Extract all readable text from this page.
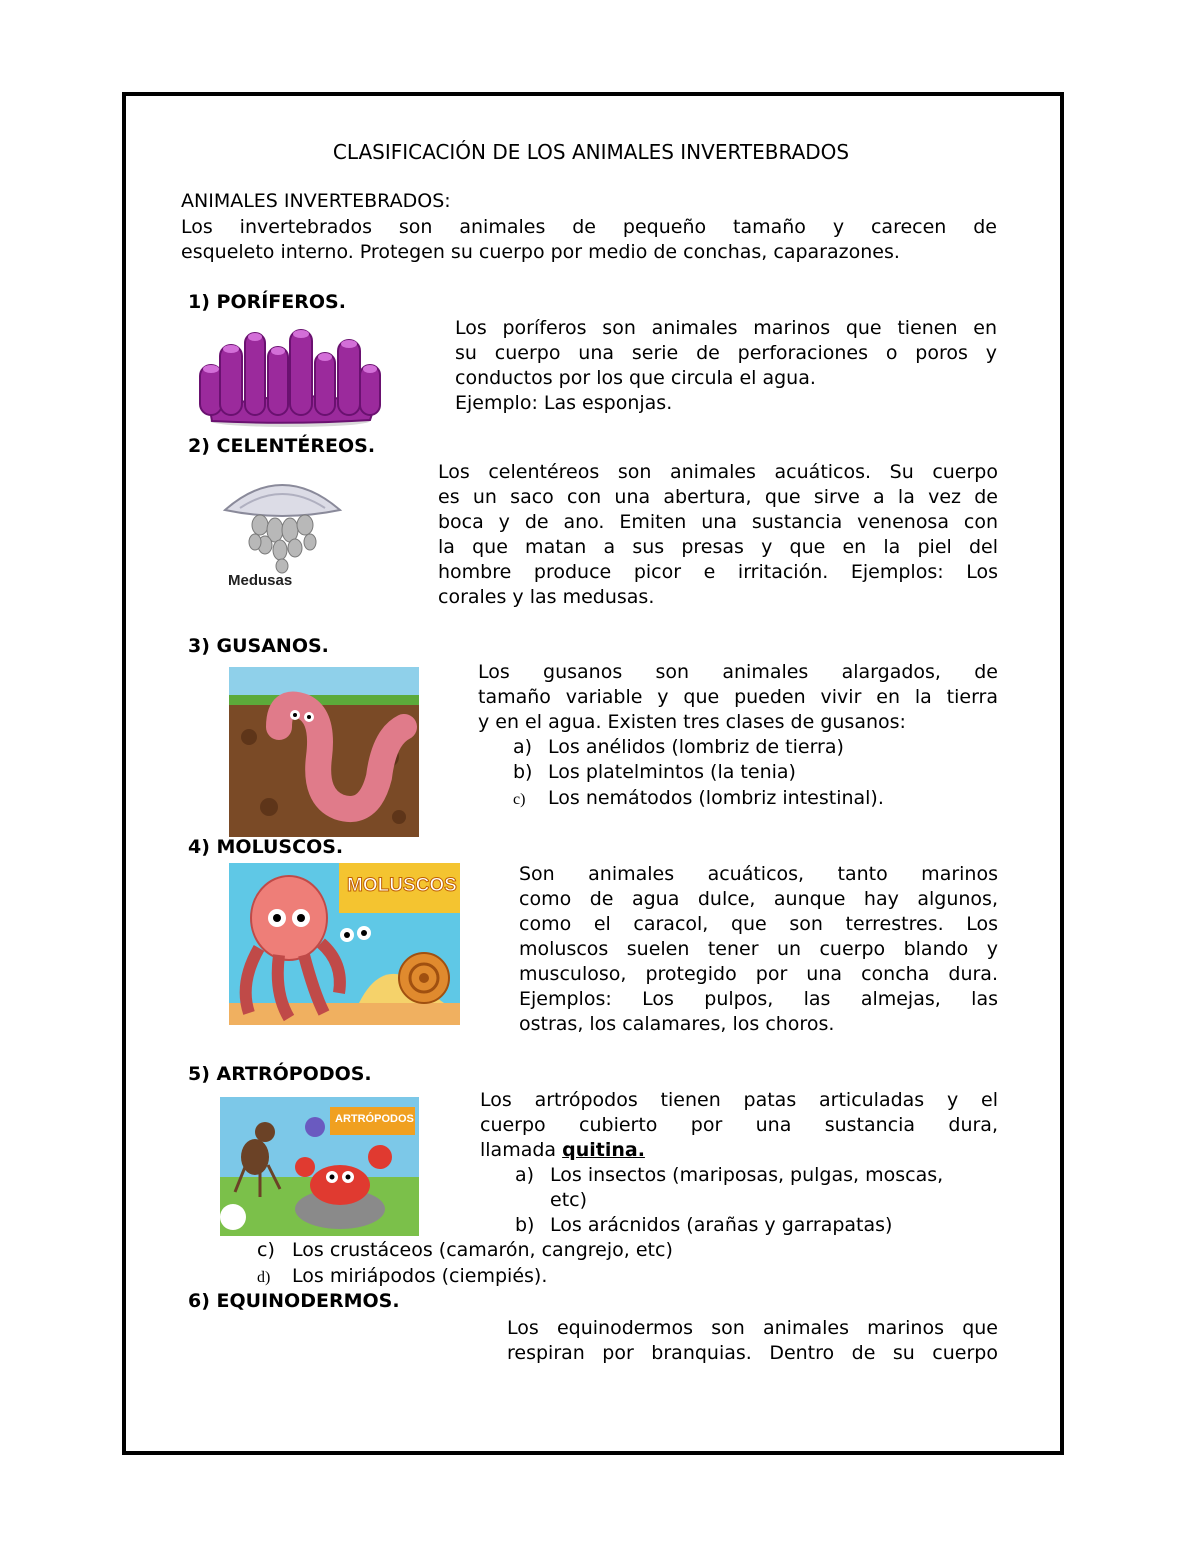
CLASIFICACIÓN DE LOS ANIMALES INVERTEBRADOS
ANIMALES INVERTEBRADOS:
Los invertebrados son animales de pequeño tamaño y carecen de
esqueleto interno. Protegen su cuerpo por medio de conchas, caparazones.
1) PORÍFEROS.
Los poríferos son animales marinos que tienen en
su cuerpo una serie de perforaciones o poros y
conductos por los que circula el agua.
Ejemplo: Las esponjas.
2) CELENTÉREOS.
Medusas
Los celentéreos son animales acuáticos. Su cuerpo
es un saco con una abertura, que sirve a la vez de
boca y de ano. Emiten una sustancia venenosa con
la que matan a sus presas y que en la piel del
hombre produce picor e irritación. Ejemplos: Los
corales y las medusas.
3) GUSANOS.
Los gusanos son animales alargados, de
tamaño variable y que pueden vivir en la tierra
y en el agua. Existen tres clases de gusanos:
a) Los anélidos (lombriz de tierra)
b) Los platelmintos (la tenia)
c) Los nemátodos (lombriz intestinal).
4) MOLUSCOS.
MOLUSCOS
Son animales acuáticos, tanto marinos
como de agua dulce, aunque hay algunos,
como el caracol, que son terrestres. Los
moluscos suelen tener un cuerpo blando y
musculoso, protegido por una concha dura.
Ejemplos: Los pulpos, las almejas, las
ostras, los calamares, los choros.
5) ARTRÓPODOS.
ARTRÓPODOS
Los artrópodos tienen patas articuladas y el
cuerpo cubierto por una sustancia dura,
llamada quitina.
a) Los insectos (mariposas, pulgas, moscas,
etc)
b) Los arácnidos (arañas y garrapatas)
c) Los crustáceos (camarón, cangrejo, etc)
d) Los miriápodos (ciempiés).
6) EQUINODERMOS.
Los equinodermos son animales marinos que
respiran por branquias. Dentro de su cuerpo
